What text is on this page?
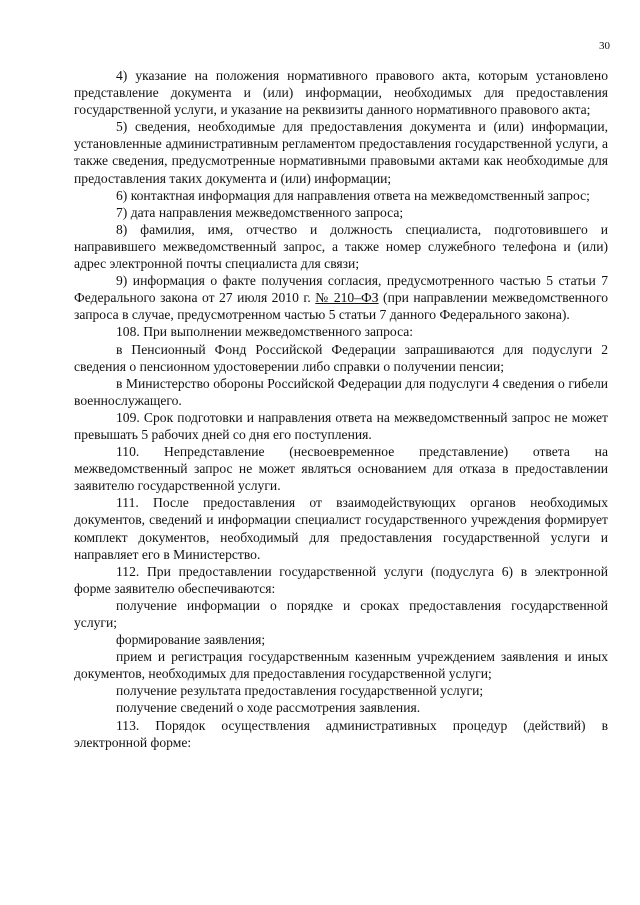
30

4) указание на положения нормативного правового акта, которым установлено представление документа и (или) информации, необходимых для предоставления государственной услуги, и указание на реквизиты данного нормативного правового акта;

5) сведения, необходимые для предоставления документа и (или) информации, установленные административным регламентом предоставления государственной услуги, а также сведения, предусмотренные нормативными правовыми актами как необходимые для предоставления таких документа и (или) информации;

6) контактная информация для направления ответа на межведомственный запрос;

7) дата направления межведомственного запроса;

8) фамилия, имя, отчество и должность специалиста, подготовившего и направившего межведомственный запрос, а также номер служебного телефона и (или) адрес электронной почты специалиста для связи;

9) информация о факте получения согласия, предусмотренного частью 5 статьи 7 Федерального закона от 27 июля 2010 г. № 210–ФЗ (при направлении межведомственного запроса в случае, предусмотренном частью 5 статьи 7 данного Федерального закона).

108. При выполнении межведомственного запроса:

в Пенсионный Фонд Российской Федерации запрашиваются для подуслуги 2 сведения о пенсионном удостоверении либо справки о получении пенсии;

в Министерство обороны Российской Федерации для подуслуги 4 сведения о гибели военнослужащего.

109. Срок подготовки и направления ответа на межведомственный запрос не может превышать 5 рабочих дней со дня его поступления.

110. Непредставление (несвоевременное представление) ответа на межведомственный запрос не может являться основанием для отказа в предоставлении заявителю государственной услуги.

111. После предоставления от взаимодействующих органов необходимых документов, сведений и информации специалист государственного учреждения формирует комплект документов, необходимый для предоставления государственной услуги и направляет его в Министерство.

112. При предоставлении государственной услуги (подуслуга 6) в электронной форме заявителю обеспечиваются:

получение информации о порядке и сроках предоставления государственной услуги;

формирование заявления;

прием и регистрация государственным казенным учреждением заявления и иных документов, необходимых для предоставления государственной услуги;

получение результата предоставления государственной услуги;

получение сведений о ходе рассмотрения заявления.

113. Порядок осуществления административных процедур (действий) в электронной форме:
